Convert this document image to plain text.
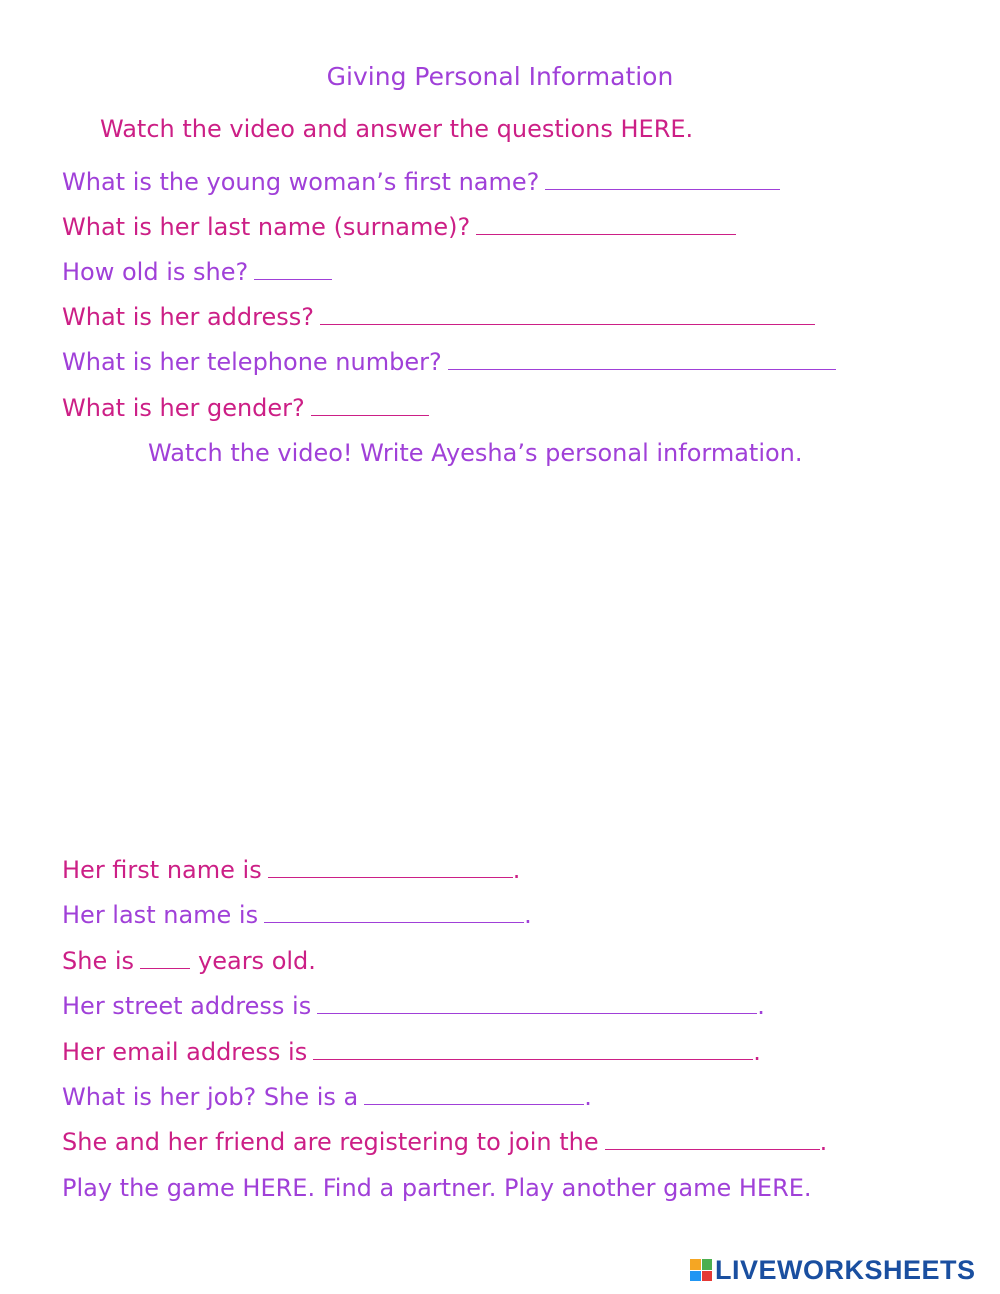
Giving Personal Information
Watch the video and answer the questions HERE.
What is the young woman’s first name?
What is her last name (surname)?
How old is she?
What is her address?
What is her telephone number?
What is her gender?
Watch the video! Write Ayesha’s personal information.
Her first name is	.
Her last name is	.
She is	years old.
Her street address is	.
Her email address is	.
What is her job? She is a	.
She and her friend are registering to join the	.
Play the game HERE. Find a partner. Play another game HERE.
LIVEWORKSHEETS
